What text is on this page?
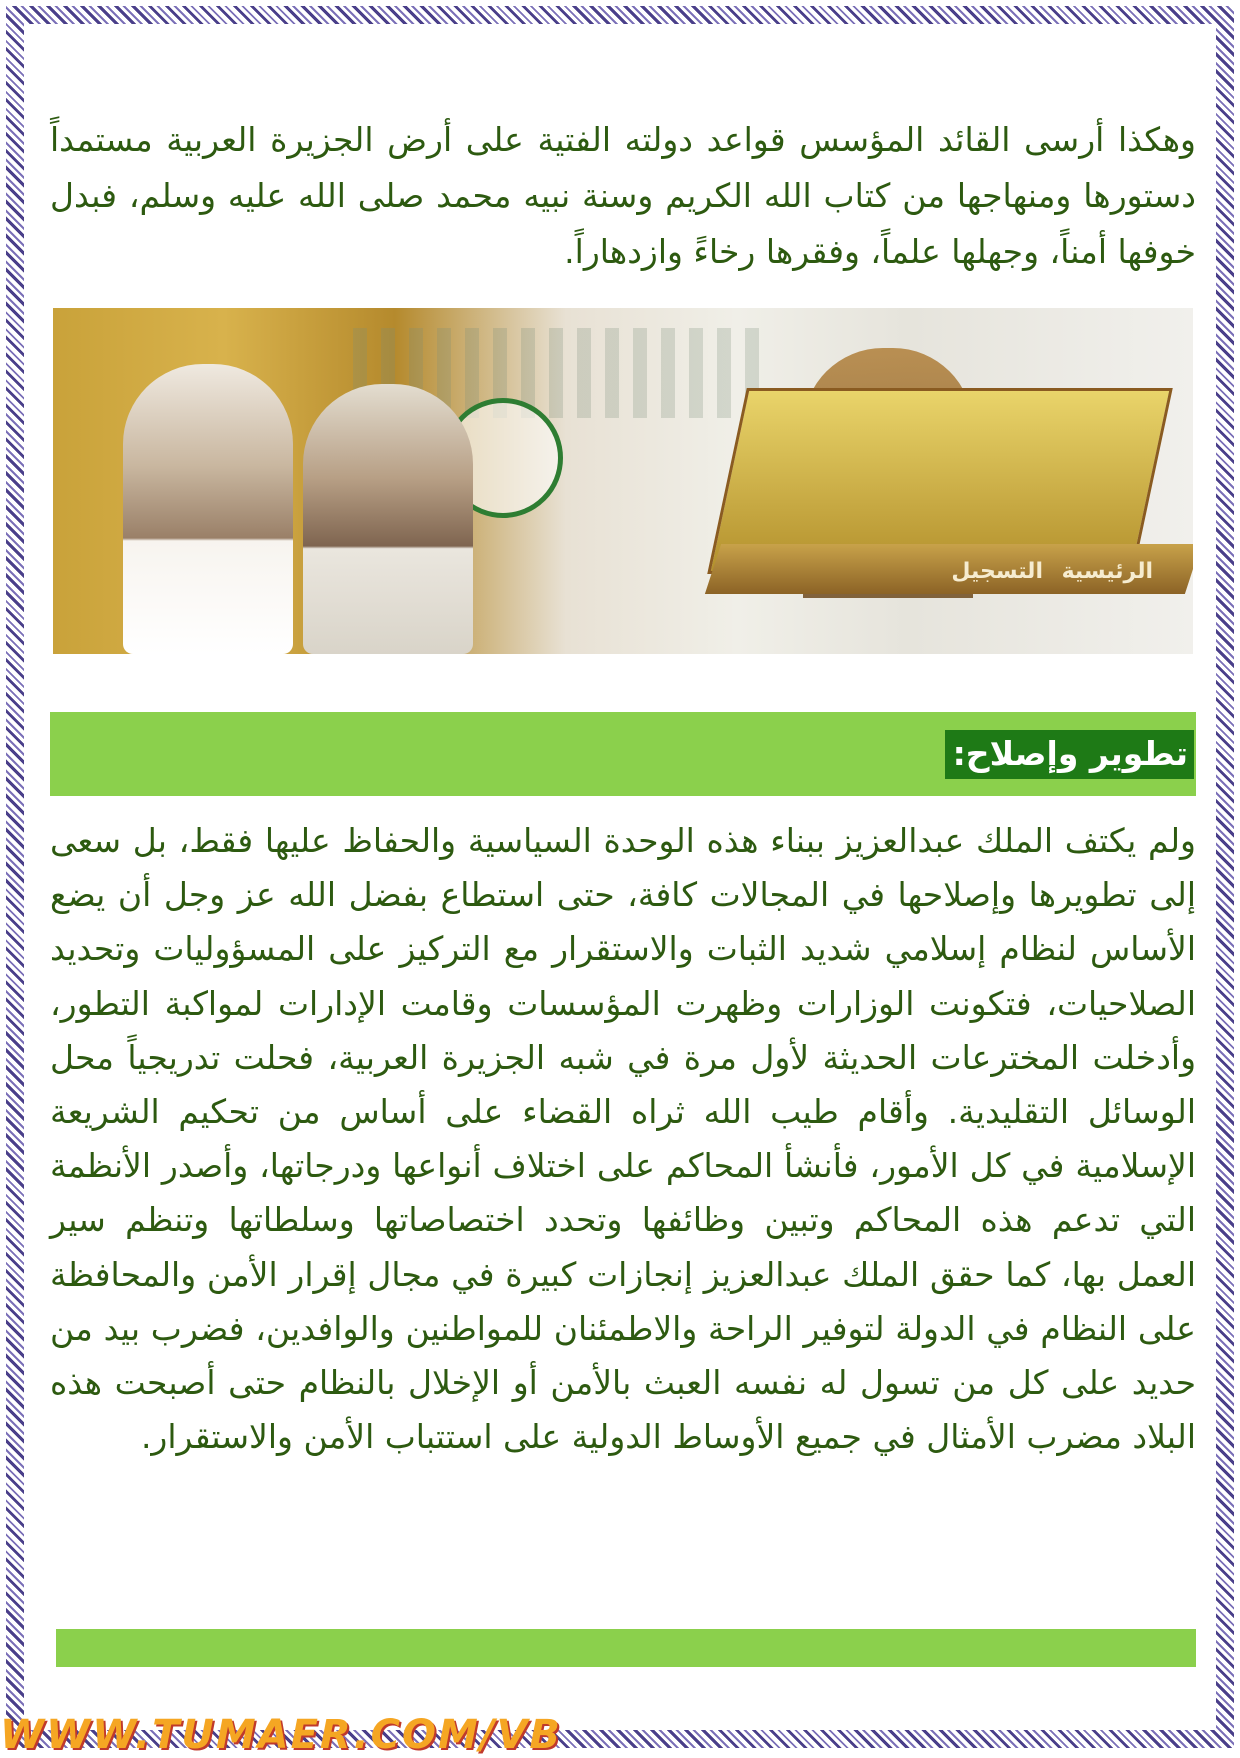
وهكذا أرسى القائد المؤسس قواعد دولته الفتية على أرض الجزيرة العربية مستمداً دستورها ومنهاجها من كتاب الله الكريم وسنة نبيه محمد صلى الله عليه وسلم، فبدل خوفها أمناً، وجهلها علماً، وفقرها رخاءً وازدهاراً.

الرئيسية
التسجيل
تطوير وإصلاح:

ولم يكتف الملك عبدالعزيز ببناء هذه الوحدة السياسية والحفاظ عليها فقط، بل سعى إلى تطويرها وإصلاحها في المجالات كافة، حتى استطاع بفضل الله عز وجل أن يضع الأساس لنظام إسلامي شديد الثبات والاستقرار مع التركيز على المسؤوليات وتحديد الصلاحيات، فتكونت الوزارات وظهرت المؤسسات وقامت الإدارات لمواكبة التطور، وأدخلت المخترعات الحديثة لأول مرة في شبه الجزيرة العربية، فحلت تدريجياً محل الوسائل التقليدية. وأقام طيب الله ثراه القضاء على أساس من تحكيم الشريعة الإسلامية في كل الأمور، فأنشأ المحاكم على اختلاف أنواعها ودرجاتها، وأصدر الأنظمة التي تدعم هذه المحاكم وتبين وظائفها وتحدد اختصاصاتها وسلطاتها وتنظم سير العمل بها، كما حقق الملك عبدالعزيز إنجازات كبيرة في مجال إقرار الأمن والمحافظة على النظام في الدولة لتوفير الراحة والاطمئنان للمواطنين والوافدين، فضرب بيد من حديد على كل من تسول له نفسه العبث بالأمن أو الإخلال بالنظام حتى أصبحت هذه البلاد مضرب الأمثال في جميع الأوساط الدولية على استتباب الأمن والاستقرار.

WWW.TUMAER.COM/VB
